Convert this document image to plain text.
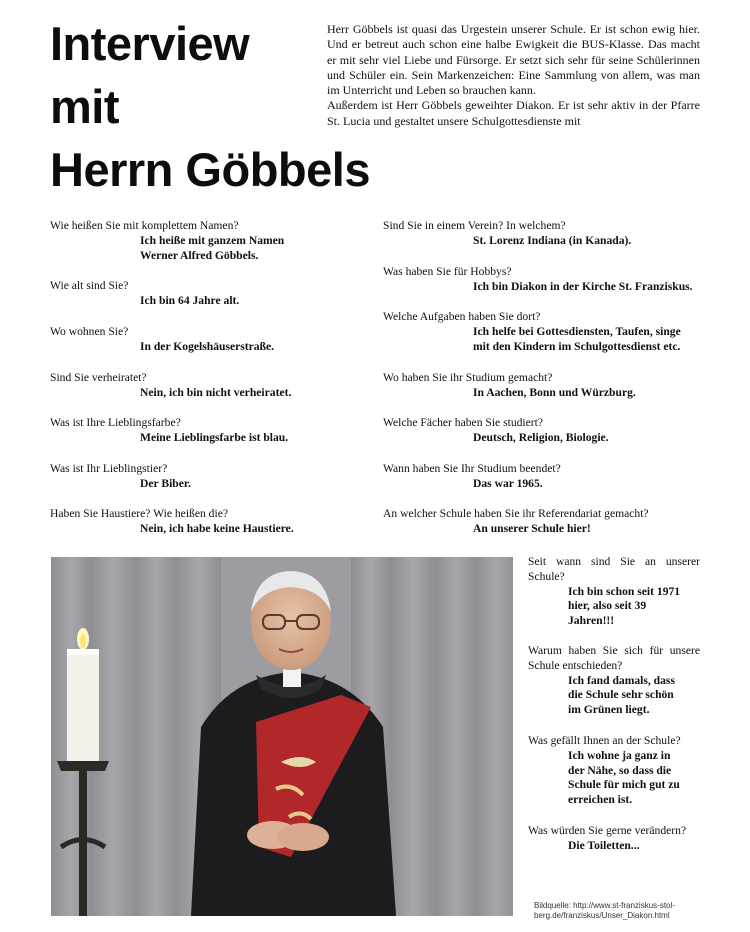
Interview
mit
Herrn Göbbels

Herr Göbbels ist quasi das Urgestein unserer Schule. Er ist schon ewig hier. Und er betreut auch schon eine halbe Ewigkeit die BUS-Klasse. Das macht er mit sehr viel Liebe und Fürsorge. Er setzt sich sehr für seine Schülerinnen und Schüler ein. Sein Markenzeichen: Eine Sammlung von allem, was man im Unterricht und Leben so brauchen kann.

Außerdem ist Herr Göbbels geweihter Diakon. Er ist sehr aktiv in der Pfarre St. Lucia und gestaltet unsere Schulgottesdienste mit

Wie heißen Sie mit komplettem Namen?
Ich heiße mit ganzem Namen
Werner Alfred Göbbels.
Wie alt sind Sie?
Ich bin 64 Jahre alt.
Wo wohnen Sie?
In der Kogelshäuserstraße.
Sind Sie verheiratet?
Nein, ich bin nicht verheiratet.
Was ist Ihre Lieblingsfarbe?
Meine Lieblingsfarbe ist blau.
Was ist Ihr Lieblingstier?
Der Biber.
Haben Sie Haustiere? Wie heißen die?
Nein, ich habe keine Haustiere.
Sind Sie in einem Verein? In welchem?
St. Lorenz Indiana (in Kanada).
Was haben Sie für Hobbys?
Ich bin Diakon in der Kirche St. Franziskus.
Welche Aufgaben haben Sie dort?
Ich helfe bei Gottesdiensten, Taufen, singe
mit den Kindern im Schulgottesdienst etc.
Wo haben Sie ihr Studium gemacht?
In Aachen, Bonn und Würzburg.
Welche Fächer haben Sie studiert?
Deutsch, Religion, Biologie.
Wann haben Sie Ihr Studium beendet?
Das war 1965.
An welcher Schule haben Sie ihr Referendariat gemacht?
An unserer Schule hier!
Seit wann sind Sie an unserer Schule?
Ich bin schon seit 1971
hier, also seit 39
Jahren!!!
Warum haben Sie sich für unsere Schule entschieden?
Ich fand damals, dass
die Schule sehr schön
im Grünen liegt.
Was gefällt Ihnen an der Schule?
Ich wohne ja ganz in
der Nähe, so dass die
Schule für mich gut zu
erreichen ist.
Was würden Sie gerne verändern?
Die Toiletten...
Bildquelle: http://www.st-franziskus-stol-
berg.de/franziskus/Unser_Diakon.html
